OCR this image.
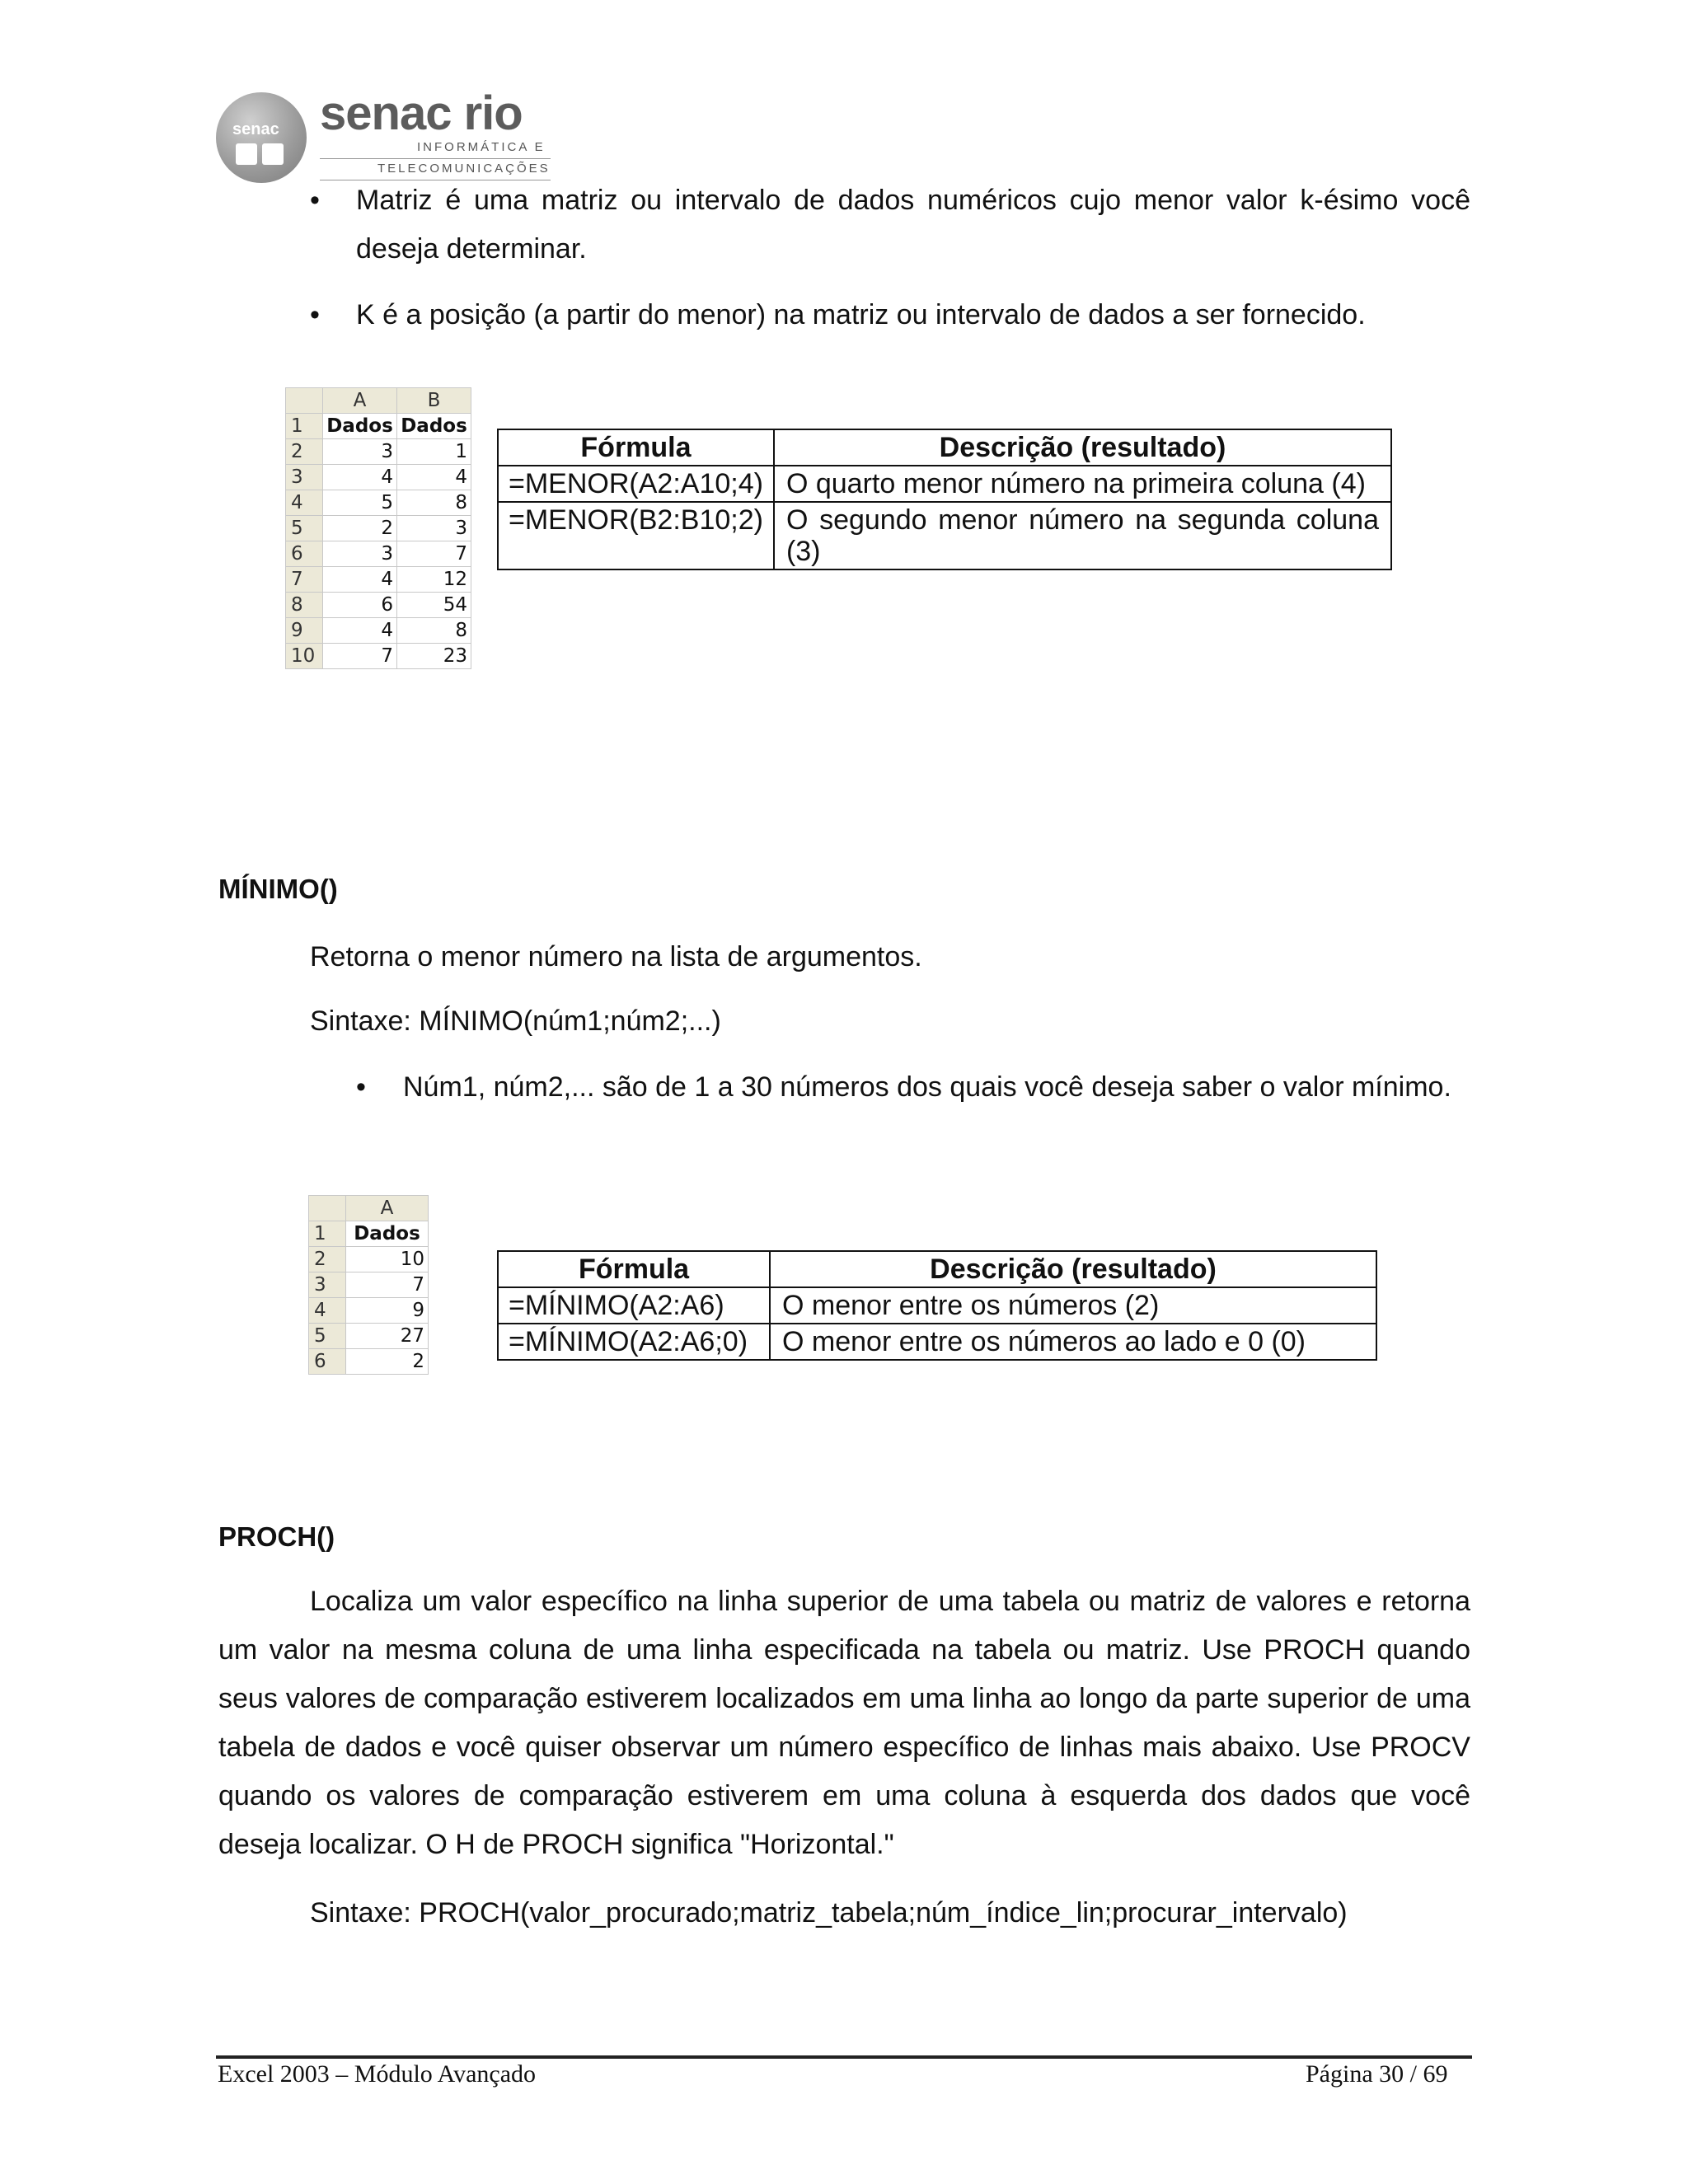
senac senac rio
INFORMÁTICA E
TELECOMUNICAÇÕES
• Matriz é uma matriz ou intervalo de dados numéricos cujo menor valor k-ésimo você deseja determinar.
• K é a posição (a partir do menor) na matriz ou intervalo de dados a ser fornecido.
	A	B
1	Dados	Dados
2	3	1
3	4	4
4	5	8
5	2	3
6	3	7
7	4	12
8	6	54
9	4	8
10	7	23
Fórmula	Descrição (resultado)
=MENOR(A2:A10;4)	O quarto menor número na primeira coluna (4)
=MENOR(B2:B10;2)	O segundo menor número na segunda coluna (3)
MÍNIMO()
Retorna o menor número na lista de argumentos.
Sintaxe: MÍNIMO(núm1;núm2;...)
• Núm1, núm2,... são de 1 a 30 números dos quais você deseja saber o valor mínimo.
	A
1	Dados
2	10
3	7
4	9
5	27
6	2
Fórmula	Descrição (resultado)
=MÍNIMO(A2:A6)	O menor entre os números (2)
=MÍNIMO(A2:A6;0)	O menor entre os números ao lado e 0 (0)
PROCH()
Localiza um valor específico na linha superior de uma tabela ou matriz de valores e retorna um valor na mesma coluna de uma linha especificada na tabela ou matriz. Use PROCH quando seus valores de comparação estiverem localizados em uma linha ao longo da parte superior de uma tabela de dados e você quiser observar um número específico de linhas mais abaixo. Use PROCV quando os valores de comparação estiverem em uma coluna à esquerda dos dados que você deseja localizar. O H de PROCH significa "Horizontal."
Sintaxe: PROCH(valor_procurado;matriz_tabela;núm_índice_lin;procurar_intervalo)
Excel 2003 – Módulo Avançado	Página 30 / 69
